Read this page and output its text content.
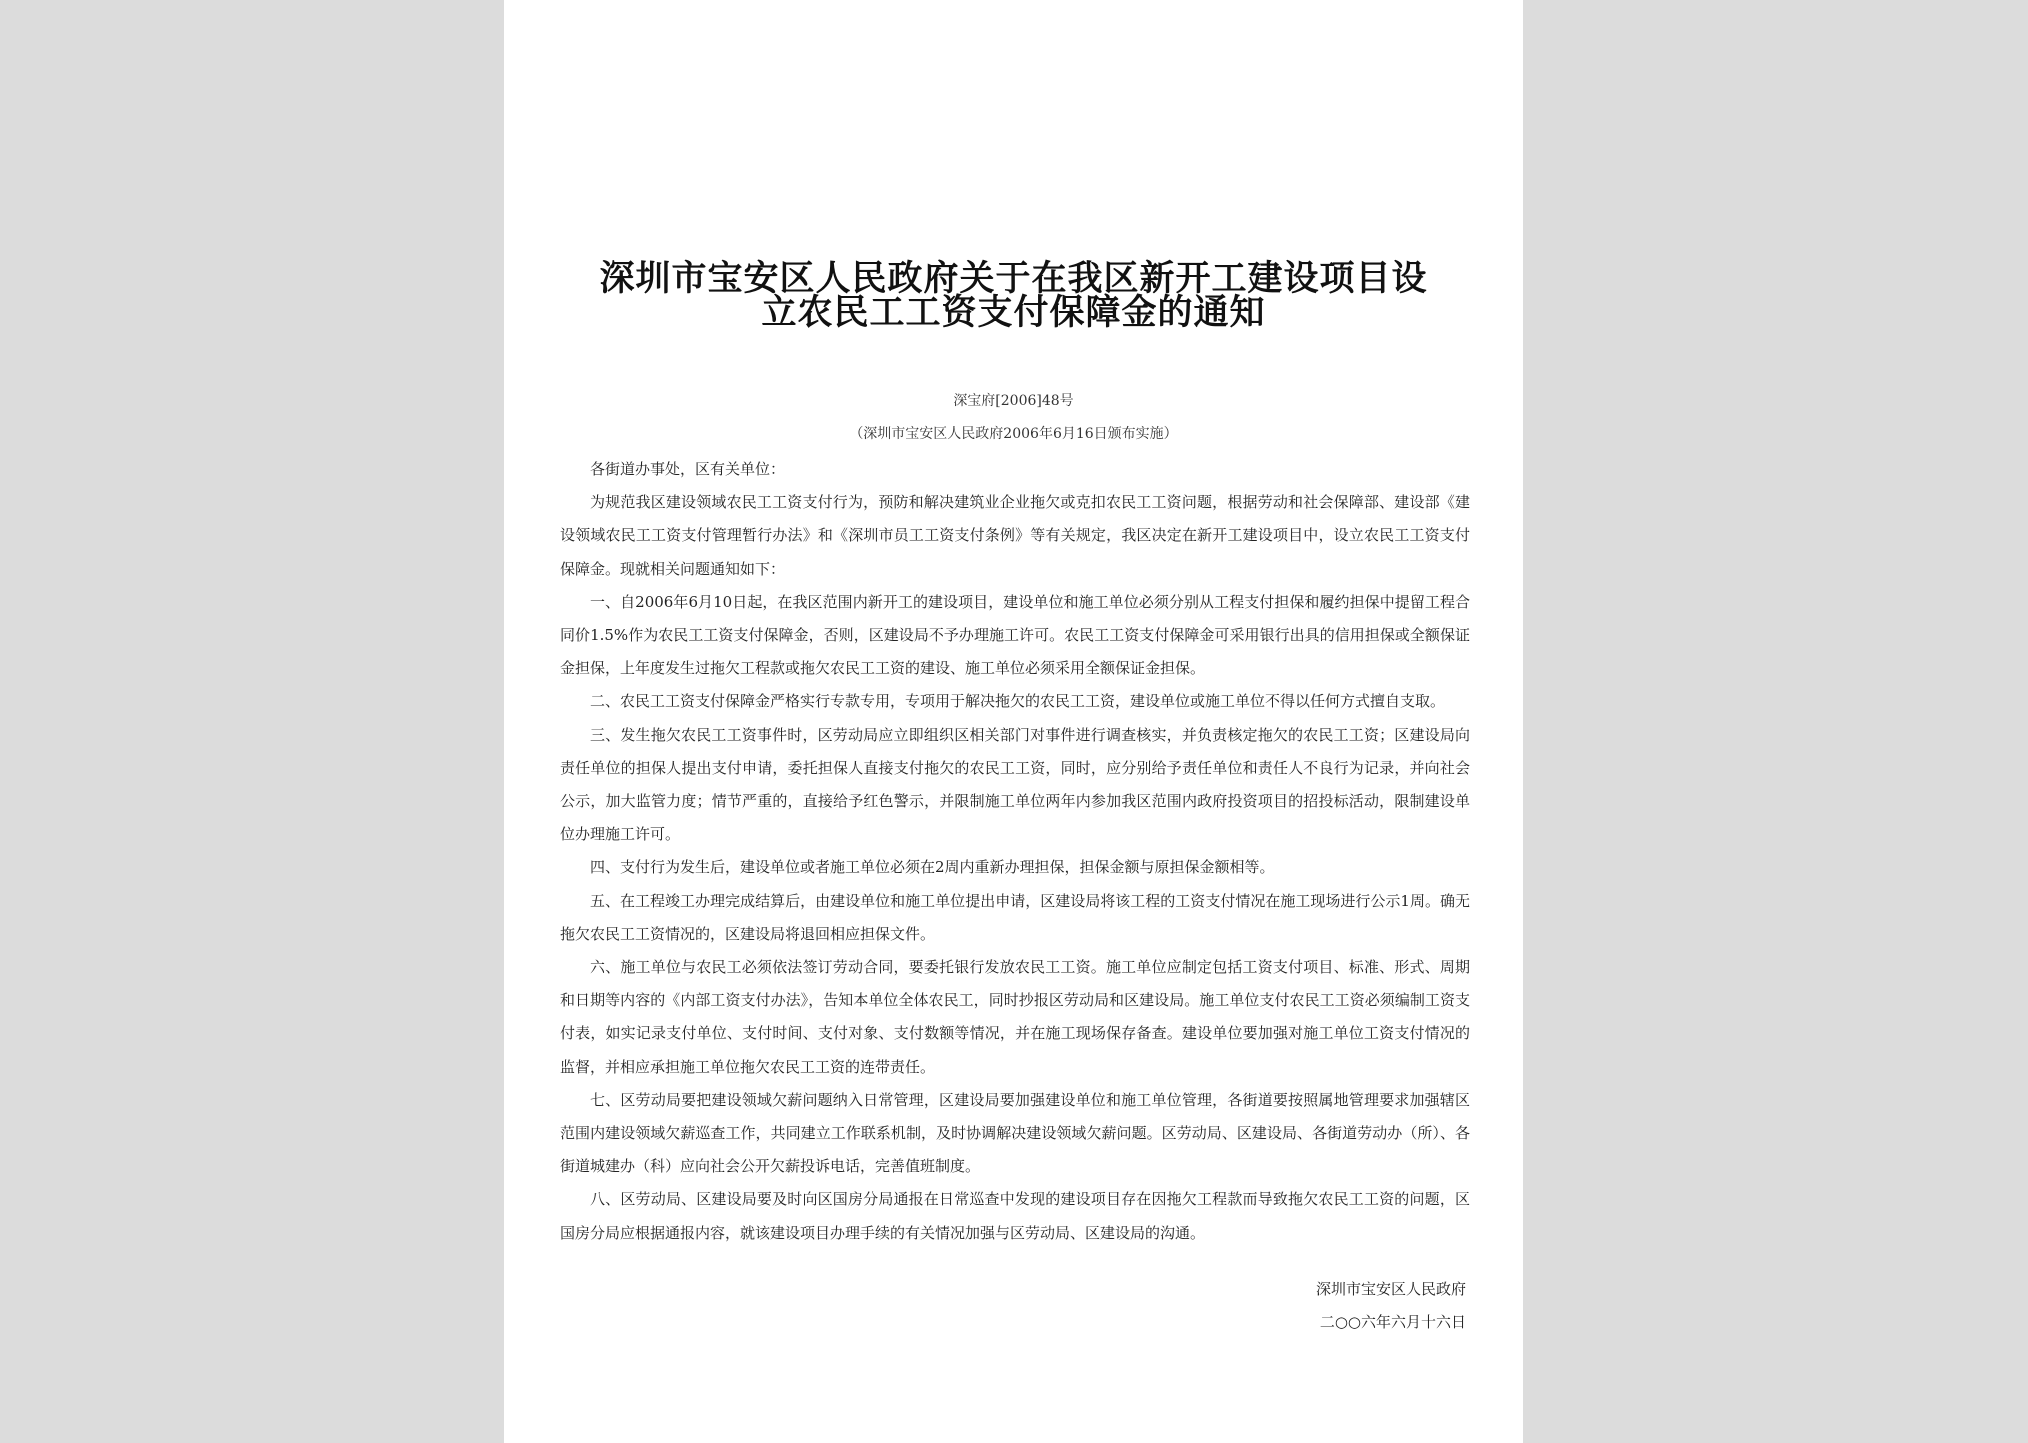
深圳市宝安区人民政府关于在我区新开工建设项目设
立农民工工资支付保障金的通知
深宝府[2006]48号
（深圳市宝安区人民政府2006年6月16日颁布实施）

各街道办事处，区有关单位：

为规范我区建设领域农民工工资支付行为，预防和解决建筑业企业拖欠或克扣农民工工资问题，根据劳动和社会保障部、建设部《建设领域农民工工资支付管理暂行办法》和《深圳市员工工资支付条例》等有关规定，我区决定在新开工建设项目中，设立农民工工资支付保障金。现就相关问题通知如下：

一、自2006年6月10日起，在我区范围内新开工的建设项目，建设单位和施工单位必须分别从工程支付担保和履约担保中提留工程合同价1.5%作为农民工工资支付保障金，否则，区建设局不予办理施工许可。农民工工资支付保障金可采用银行出具的信用担保或全额保证金担保，上年度发生过拖欠工程款或拖欠农民工工资的建设、施工单位必须采用全额保证金担保。

二、农民工工资支付保障金严格实行专款专用，专项用于解决拖欠的农民工工资，建设单位或施工单位不得以任何方式擅自支取。

三、发生拖欠农民工工资事件时，区劳动局应立即组织区相关部门对事件进行调查核实，并负责核定拖欠的农民工工资；区建设局向责任单位的担保人提出支付申请，委托担保人直接支付拖欠的农民工工资，同时，应分别给予责任单位和责任人不良行为记录，并向社会公示，加大监管力度；情节严重的，直接给予红色警示，并限制施工单位两年内参加我区范围内政府投资项目的招投标活动，限制建设单位办理施工许可。

四、支付行为发生后，建设单位或者施工单位必须在2周内重新办理担保，担保金额与原担保金额相等。

五、在工程竣工办理完成结算后，由建设单位和施工单位提出申请，区建设局将该工程的工资支付情况在施工现场进行公示1周。确无拖欠农民工工资情况的，区建设局将退回相应担保文件。

六、施工单位与农民工必须依法签订劳动合同，要委托银行发放农民工工资。施工单位应制定包括工资支付项目、标准、形式、周期和日期等内容的《内部工资支付办法》，告知本单位全体农民工，同时抄报区劳动局和区建设局。施工单位支付农民工工资必须编制工资支付表，如实记录支付单位、支付时间、支付对象、支付数额等情况，并在施工现场保存备查。建设单位要加强对施工单位工资支付情况的监督，并相应承担施工单位拖欠农民工工资的连带责任。

七、区劳动局要把建设领域欠薪问题纳入日常管理，区建设局要加强建设单位和施工单位管理，各街道要按照属地管理要求加强辖区范围内建设领域欠薪巡查工作，共同建立工作联系机制，及时协调解决建设领域欠薪问题。区劳动局、区建设局、各街道劳动办（所）、各街道城建办（科）应向社会公开欠薪投诉电话，完善值班制度。

八、区劳动局、区建设局要及时向区国房分局通报在日常巡查中发现的建设项目存在因拖欠工程款而导致拖欠农民工工资的问题，区国房分局应根据通报内容，就该建设项目办理手续的有关情况加强与区劳动局、区建设局的沟通。

深圳市宝安区人民政府
二○○六年六月十六日
